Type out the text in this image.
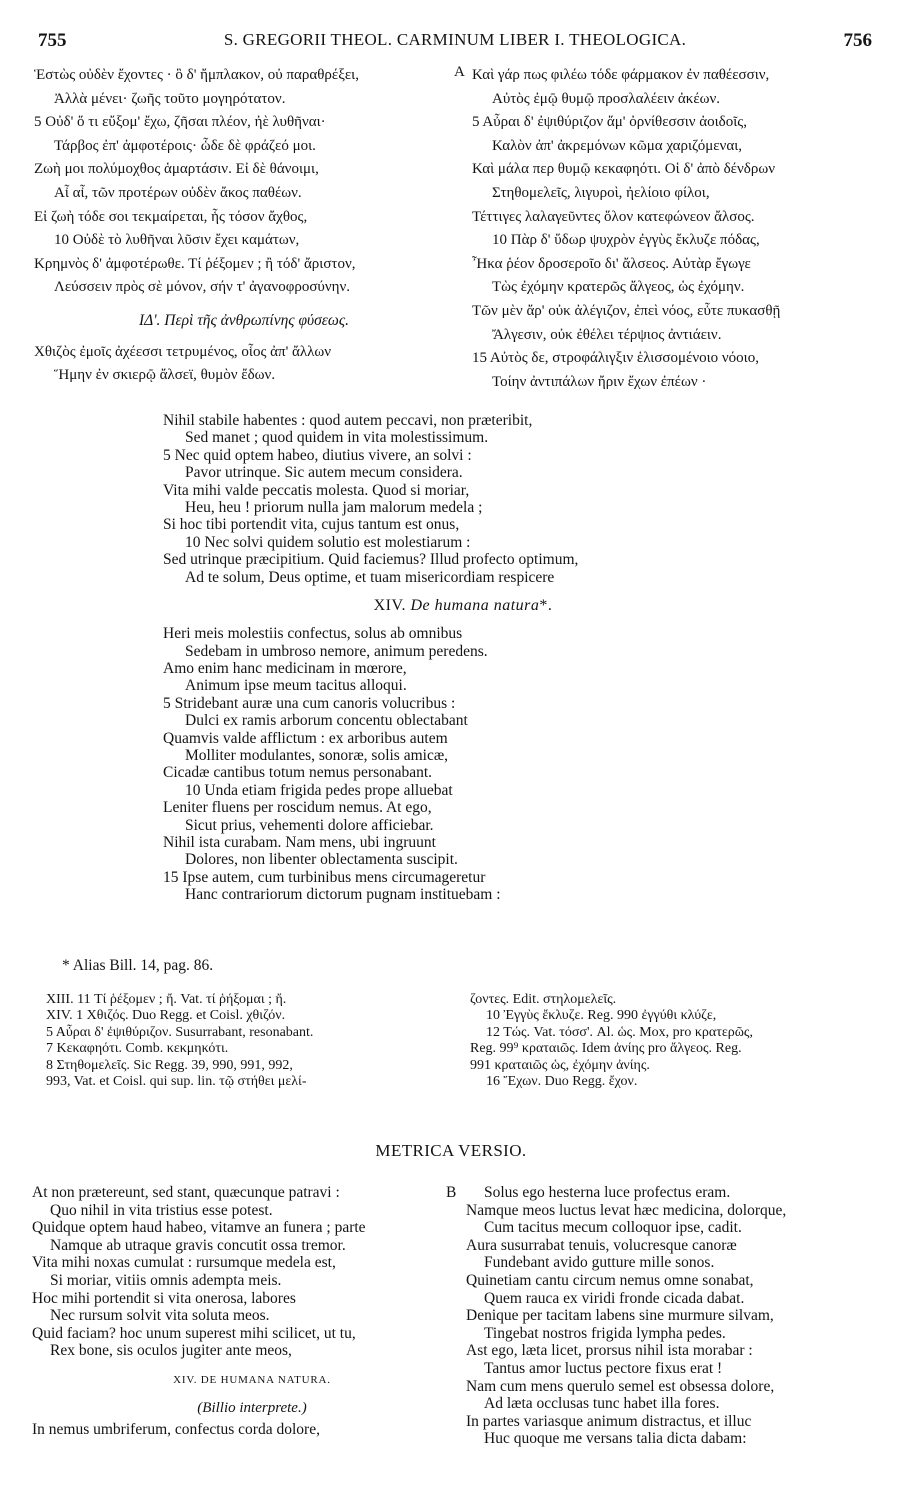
755	S. GREGORII THEOL. CARMINUM LIBER I. THEOLOGICA.	756
Ἑστὼς οὐδὲν ἔχοντες · ὃ δ' ἤμπλακον, οὐ παραθρέξει,
Ἀλλὰ μένει· ζωῆς τοῦτο μογηρότατον.
5 Οὐδ' ὅ τι εὔξομ' ἔχω, ζῆσαι πλέον, ἠὲ λυθῆναι·
Τάρβος ἐπ' ἀμφοτέροις· ὧδε δὲ φράζεό μοι.
Ζωὴ μοι πολύμοχθος ἁμαρτάσιν. Εἰ δὲ θάνοιμι,
Αἶ αἶ, τῶν προτέρων οὐδὲν ἄκος παθέων.
Εἰ ζωὴ τόδε σοι τεκμαίρεται, ἧς τόσον ἄχθος,
10 Οὐδὲ τὸ λυθῆναι λῦσιν ἔχει καμάτων,
Κρημνὸς δ' ἀμφοτέρωθε. Τί ῥέξομεν ; ἢ τόδ' ἄριστον,
Λεύσσειν πρὸς σὲ μόνον, σήν τ' ἀγανοφροσύνην.
ΙΔ'. Περὶ τῆς ἀνθρωπίνης φύσεως.
Χθιζὸς ἐμοῖς ἀχέεσσι τετρυμένος, οἷος ἀπ' ἄλλων
Ἥμην ἐν σκιερῷ ἄλσεϊ, θυμὸν ἔδων.
A Καὶ γάρ πως φιλέω τόδε φάρμακον ἐν παθέεσσιν,
Αὐτὸς ἐμῷ θυμῷ προσλαλέειν ἀκέων.
5 Αὖραι δ' ἐψιθύριζον ἅμ' ὀρνίθεσσιν ἀοιδοῖς,
Καλὸν ἀπ' ἀκρεμόνων κῶμα χαριζόμεναι,
Καὶ μάλα περ θυμῷ κεκαφηότι. Οἱ δ' ἀπὸ δένδρων
Στηθομελεῖς, λιγυροὶ, ἠελίοιο φίλοι,
Τέττιγες λαλαγεῦντες ὅλον κατεφώνεον ἄλσος.
10 Πὰρ δ' ὕδωρ ψυχρὸν ἐγγὺς ἔκλυζε πόδας,
Ἦκα ῥέον δροσεροῖο δι' ἄλσεος. Αὐτὰρ ἔγωγε
Τὼς ἐχόμην κρατερῶς ἄλγεος, ὡς ἐχόμην.
Τῶν μὲν ἄρ' οὐκ ἀλέγιζον, ἐπεὶ νόος, εὖτε πυκασθῇ
Ἄλγεσιν, οὐκ ἐθέλει τέρψιος ἀντιάειν.
15 Αὐτὸς δε, στροφάλιγξιν ἑλισσομένοιο νόοιο,
Τοίην ἀντιπάλων ἤριν ἔχων ἐπέων ·
Nihil stabile habentes : quod autem peccavi, non præteribit,
Sed manet ; quod quidem in vita molestissimum.
5 Nec quid optem habeo, diutius vivere, an solvi :
Pavor utrinque. Sic autem mecum considera.
Vita mihi valde peccatis molesta. Quod si moriar,
Heu, heu ! priorum nulla jam malorum medela ;
Si hoc tibi portendit vita, cujus tantum est onus,
10 Nec solvi quidem solutio est molestiarum :
Sed utrinque præcipitium. Quid faciemus? Illud profecto optimum,
Ad te solum, Deus optime, et tuam misericordiam respicere
XIV. De humana natura*.
Heri meis molestiis confectus, solus ab omnibus
Sedebam in umbroso nemore, animum peredens.
Amo enim hanc medicinam in mœrore,
Animum ipse meum tacitus alloqui.
5 Stridebant auræ una cum canoris volucribus :
Dulci ex ramis arborum concentu oblectabant
Quamvis valde afflictum : ex arboribus autem
Molliter modulantes, sonoræ, solis amicæ,
Cicadæ cantibus totum nemus personabant.
10 Unda etiam frigida pedes prope alluebat
Leniter fluens per roscidum nemus. At ego,
Sicut prius, vehementi dolore afficiebar.
Nihil ista curabam. Nam mens, ubi ingruunt
Dolores, non libenter oblectamenta suscipit.
15 Ipse autem, cum turbinibus mens circumageretur
Hanc contrariorum dictorum pugnam instituebam :
* Alias Bill. 14, pag. 86.
XIII. 11 Τί ῥέξομεν ; ἤ. Vat. τί ῥήξομαι ; ἤ.
XIV. 1 Χθιζός. Duo Regg. et Coisl. χθιζόν.
5 Αὖραι δ' ἐψιθύριζον. Susurrabant, resonabant.
7 Κεκαφηότι. Comb. κεκμηκότι.
8 Στηθομελεῖς. Sic Regg. 39, 990, 991, 992,
993, Vat. et Coisl. qui sup. lin. τῷ στήθει μελί-
ζοντες. Edit. στηλομελεῖς.
10 Ἐγγὺς ἔκλυζε. Reg. 990 ἐγγύθι κλύζε,
12 Τώς. Vat. τόσσ'. Al. ὡς. Mox, pro κρατερῶς,
Reg. 99⁹ κραταιῶς. Idem ἀνίης pro ἄλγεος. Reg.
991 κραταιῶς ὡς, ἐχόμην ἀνίης.
16 Ἔχων. Duo Regg. ἔχον.
METRICA VERSIO.
At non prætereunt, sed stant, quæcunque patravi :
Quo nihil in vita tristius esse potest.
Quidque optem haud habeo, vitamve an funera ; parte
Namque ab utraque gravis concutit ossa tremor.
Vita mihi noxas cumulat : rursumque medela est,
Si moriar, vitiis omnis adempta meis.
Hoc mihi portendit si vita onerosa, labores
Nec rursum solvit vita soluta meos.
Quid faciam? hoc unum superest mihi scilicet, ut tu,
Rex bone, sis oculos jugiter ante meos,
XIV. DE HUMANA NATURA.
(Billio interprete.)
In nemus umbriferum, confectus corda dolore,
B	Solus ego hesterna luce profectus eram.
Namque meos luctus levat hæc medicina, dolorque,
Cum tacitus mecum colloquor ipse, cadit.
Aura susurrabat tenuis, volucresque canoræ
Fundebant avido gutture mille sonos.
Quinetiam cantu circum nemus omne sonabat,
Quem rauca ex viridi fronde cicada dabat.
Denique per tacitam labens sine murmure silvam,
Tingebat nostros frigida lympha pedes.
Ast ego, læta licet, prorsus nihil ista morabar :
Tantus amor luctus pectore fixus erat !
Nam cum mens querulo semel est obsessa dolore,
Ad læta occlusas tunc habet illa fores.
In partes variasque animum distractus, et illuc
Huc quoque me versans talia dicta dabam:
